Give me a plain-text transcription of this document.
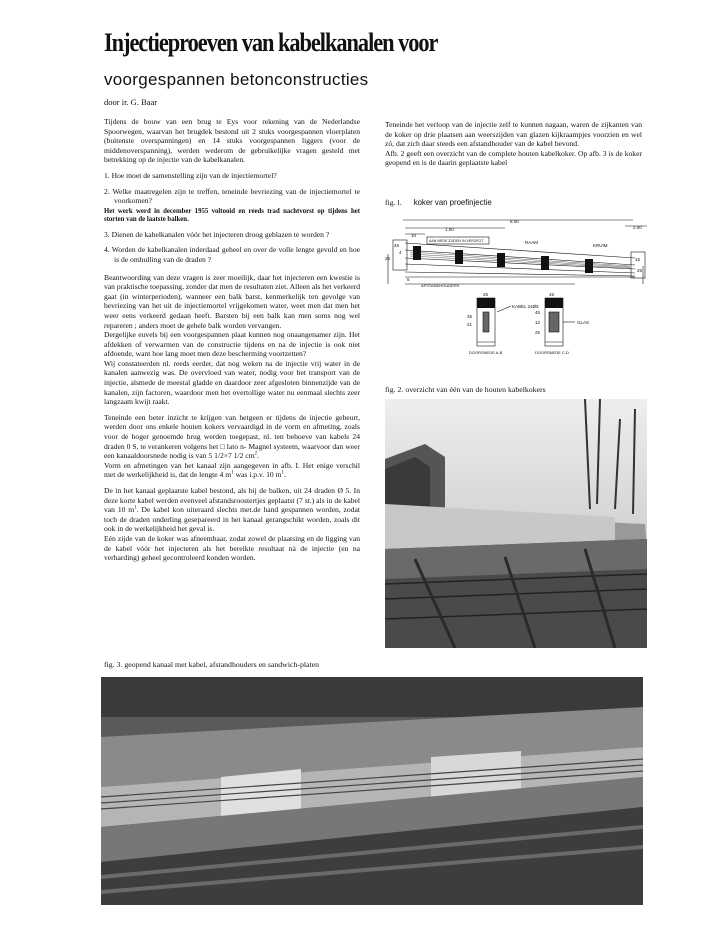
Injectieproeven van kabelkanalen voor
voorgespannen betonconstructies
door ir. G. Baar

Tijdens de bouw van een brug te Eys voor rekening van de Nederlandse Spoorwegen, waarvan het brugdek bestond uit 2 stuks voorgespannen vloerplaten (buitenste overspanningen) en 14 stuks voorgespannen liggers (voor de middenoverspanning), werden wederom de gebruikelijke vragen gesteld met betrekking op de injectie van de kabelkanalen.

1. Hoe moet de samenstelling zijn van de injectiemortel?

2. Welke maatregelen zijn te treffen, teneinde bevriezing van de injectiemortel te voorkomen?

Het werk werd in december 1955 voltooid en reeds trad nachtvorst op tijdens het storten van de laatste balken.

3. Dienen de kabelkanalen vóór het injecteren droog geblazen te worden ?

4. Worden de kabelkanalen inderdaad geheel en over de volle lengte gevuld en hoe is de omhulling van de draden ?

Beantwoording van deze vragen is zeer moeilijk, daar het injecteren een kwestie is van praktische toepassing, zonder dat men de resultaten ziet. Alleen als het verkeerd gaat (in winterperioden), wanneer een balk barst, kenmerkelijk ten gevolge van bevriezing van het uit de injectiemortel vrijgekomen water, weet men dat men het weer eens verkeerd gedaan heeft. Barsten bij een balk kan men soms nog wel repareren ; anders moet de gehele balk worden vervangen.

Dergelijke euvels bij een voorgespannen plaat kunnen nog onaangenamer zijn. Het afdekken of verwarmen van de constructie tijdens en na de injectie is ook niet afdoende, want hoe lang moet men deze bescherming voortzetten?

Wij constateerden nl. reeds eerder, dat nog weken na de injectie vrij water in de kanalen aanwezig was. De overvloed van water, nodig voor het transport van de injectie, alsmede de meestal gladde en daardoor zeer afgesloten binnenzijde van de kanalen, zijn factoren, waardoor men het overtollige water nu eenmaal slechts zeer langzaam kwijt raakt.

Teneinde een beter inzicht te krijgen van hetgeen er tijdens de injectie gebeurt, werden door ons enkele houten kokers vervaardigd in de vorm en afmeting, zoals voor de hoger genoemde brug werden toegepast, nl. ten behoeve van kabels 24 draden 0 S, te verankeren volgens het □ lato n- Magnel systeem, waarvoor dan weer een kanaaldoorsnede nodig is van 5 1/2×7 1/2 $cm^2$.

Vorm en afmetingen van het kanaal zijn aangegeven in afb. I. Het enige verschil met de werkelijkheid is, dat de lengte 4 $m^1$ was i.p.v. 10 $m^1$.

De in het kanaal geplaatste kabel bestond, als bij de balken, uit 24 draden Ø 5. In deze korte kabel werden evenveel afstandsroostertjes geplaatst (7 st.) als in de kabel van 10 $m^1$. De kabel kon uiteraard slechts met.de hand gespannen worden, zodat toch de draden onderling gesepareerd in het kanaal gerangschikt worden, zoals dit ook in de werkelijkheid het geval is.

Eén zijde van de koker was afneembaar, zodat zowel de plaatsing en de ligging van de kabel vóór het injecteren als het bereikte resultaat nà de injectie (en na verharding) geheel gecontroleerd konden worden.

Teneinde het verloop van de injectie zelf te kunnen nagaan, waren de zijkanten van de koker op drie plaatsen aan weerszijden van glazen kijkraampjes voorzien en wel zó, dat zich daar steeds een afstandhouder van de kabel bevond.

Afb. 2 geeft een overzicht van de complete houten kabelkoker. Op afb. 3 is de koker geopend en is de daarin geplaatste kabel

fig. l. koker van proefinjectie
8.00
2.00
1.00
10
AAN NEDE ZIJDEN IN VERZEGT	RAAM
KRUIM
45
4
25
5
15
25
AFSTANDHOUDERS
25
35
21
KABEL 24Ø5
GLAS
45
45
12
25
DOORSNEDE A-B	DOORSNEDE C-D
fig. 2. overzicht van één van de houten kabelkokers
fig. 3. geopend kanaal met kabel, afstandhouders en sandwich-platen
